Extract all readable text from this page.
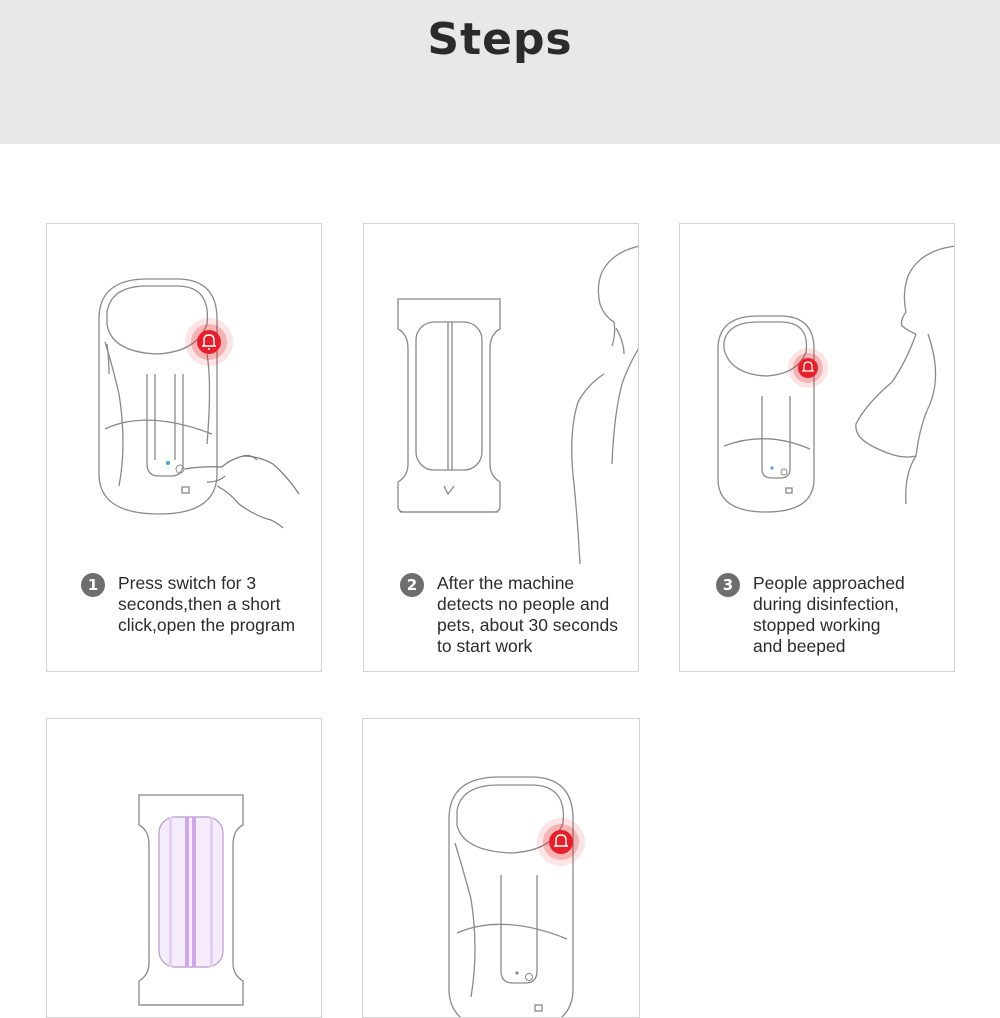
Steps
1	Press switch for 3
seconds,then a short
click,open the program
2	After the machine
detects no people and
pets, about 30 seconds
to start work
3	People approached
during disinfection,
stopped working
and beeped
